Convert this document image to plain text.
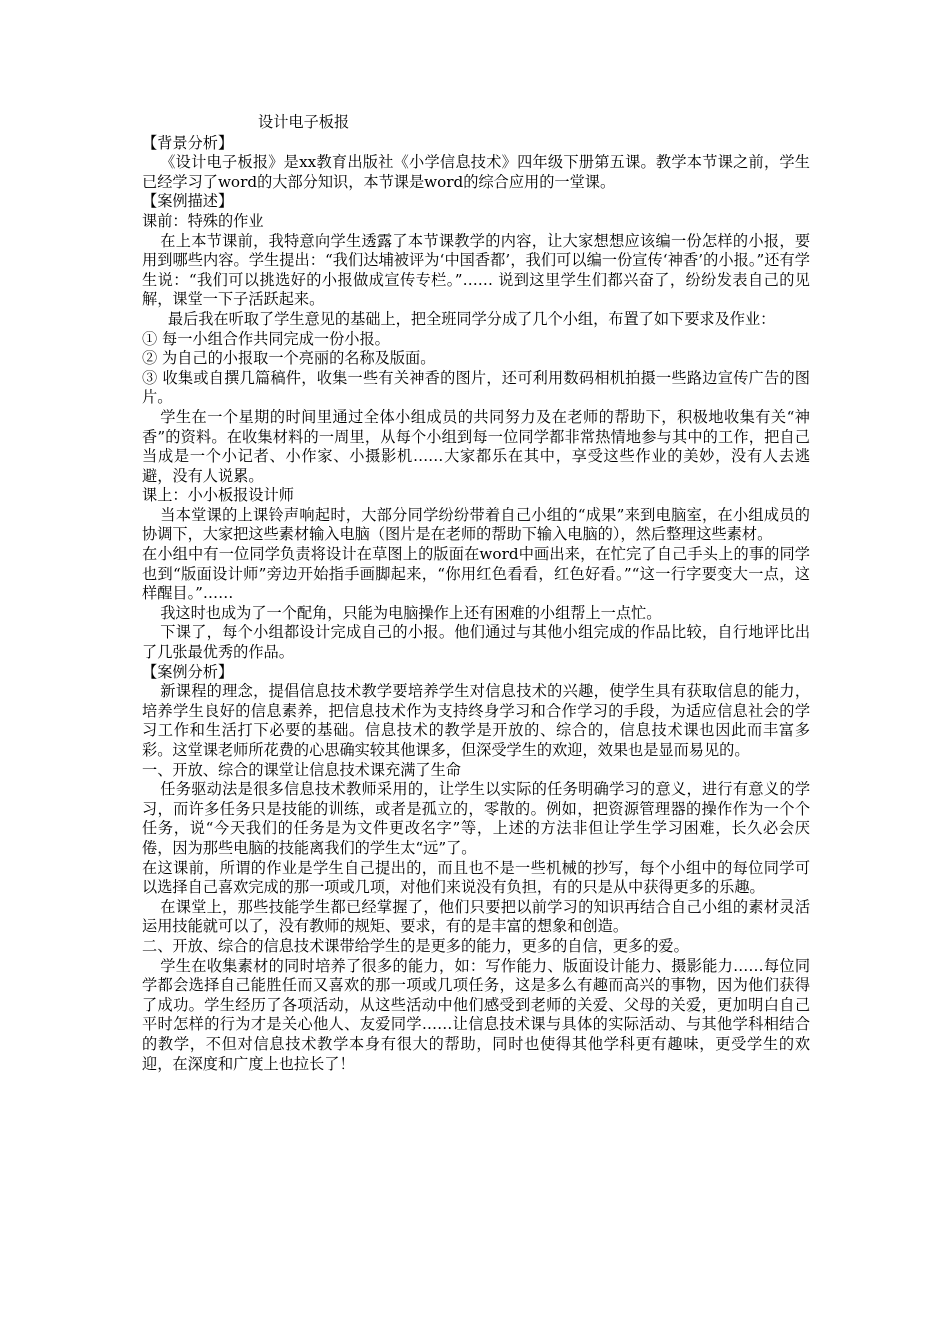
设计电子板报

【背景分析】

《设计电子板报》是xx教育出版社《小学信息技术》四年级下册第五课。教学本节课之前，学生已经学习了word的大部分知识，本节课是word的综合应用的一堂课。

【案例描述】

课前：特殊的作业

在上本节课前，我特意向学生透露了本节课教学的内容，让大家想想应该编一份怎样的小报，要用到哪些内容。学生提出：“我们达埔被评为‘中国香都’，我们可以编一份宣传‘神香’的小报。”还有学生说：“我们可以挑选好的小报做成宣传专栏。”…… 说到这里学生们都兴奋了，纷纷发表自己的见解，课堂一下子活跃起来。

最后我在听取了学生意见的基础上，把全班同学分成了几个小组，布置了如下要求及作业：

① 每一小组合作共同完成一份小报。

② 为自己的小报取一个亮丽的名称及版面。

③ 收集或自撰几篇稿件，收集一些有关神香的图片，还可利用数码相机拍摄一些路边宣传广告的图片。

学生在一个星期的时间里通过全体小组成员的共同努力及在老师的帮助下，积极地收集有关“神香”的资料。在收集材料的一周里，从每个小组到每一位同学都非常热情地参与其中的工作，把自己当成是一个小记者、小作家、小摄影机……大家都乐在其中，享受这些作业的美妙，没有人去逃避，没有人说累。

课上：小小板报设计师

当本堂课的上课铃声响起时，大部分同学纷纷带着自己小组的“成果”来到电脑室，在小组成员的协调下，大家把这些素材输入电脑（图片是在老师的帮助下输入电脑的），然后整理这些素材。

在小组中有一位同学负责将设计在草图上的版面在word中画出来，在忙完了自己手头上的事的同学也到“版面设计师”旁边开始指手画脚起来，“你用红色看看，红色好看。”“这一行字要变大一点，这样醒目。”……

我这时也成为了一个配角，只能为电脑操作上还有困难的小组帮上一点忙。

下课了，每个小组都设计完成自己的小报。他们通过与其他小组完成的作品比较，自行地评比出了几张最优秀的作品。

【案例分析】

新课程的理念，提倡信息技术教学要培养学生对信息技术的兴趣，使学生具有获取信息的能力，培养学生良好的信息素养，把信息技术作为支持终身学习和合作学习的手段，为适应信息社会的学习工作和生活打下必要的基础。信息技术的教学是开放的、综合的，信息技术课也因此而丰富多彩。这堂课老师所花费的心思确实较其他课多，但深受学生的欢迎，效果也是显而易见的。

一、开放、综合的课堂让信息技术课充满了生命

任务驱动法是很多信息技术教师采用的，让学生以实际的任务明确学习的意义，进行有意义的学习，而许多任务只是技能的训练，或者是孤立的，零散的。例如，把资源管理器的操作作为一个个任务，说“今天我们的任务是为文件更改名字”等，上述的方法非但让学生学习困难，长久必会厌倦，因为那些电脑的技能离我们的学生太“远”了。

在这课前，所谓的作业是学生自己提出的，而且也不是一些机械的抄写，每个小组中的每位同学可以选择自己喜欢完成的那一项或几项，对他们来说没有负担，有的只是从中获得更多的乐趣。

在课堂上，那些技能学生都已经掌握了，他们只要把以前学习的知识再结合自己小组的素材灵活运用技能就可以了，没有教师的规矩、要求，有的是丰富的想象和创造。

二、开放、综合的信息技术课带给学生的是更多的能力，更多的自信，更多的爱。

学生在收集素材的同时培养了很多的能力，如：写作能力、版面设计能力、摄影能力……每位同学都会选择自己能胜任而又喜欢的那一项或几项任务，这是多么有趣而高兴的事物，因为他们获得了成功。学生经历了各项活动，从这些活动中他们感受到老师的关爱、父母的关爱，更加明白自己平时怎样的行为才是关心他人、友爱同学……让信息技术课与具体的实际活动、与其他学科相结合的教学，不但对信息技术教学本身有很大的帮助，同时也使得其他学科更有趣味，更受学生的欢迎，在深度和广度上也拉长了！
